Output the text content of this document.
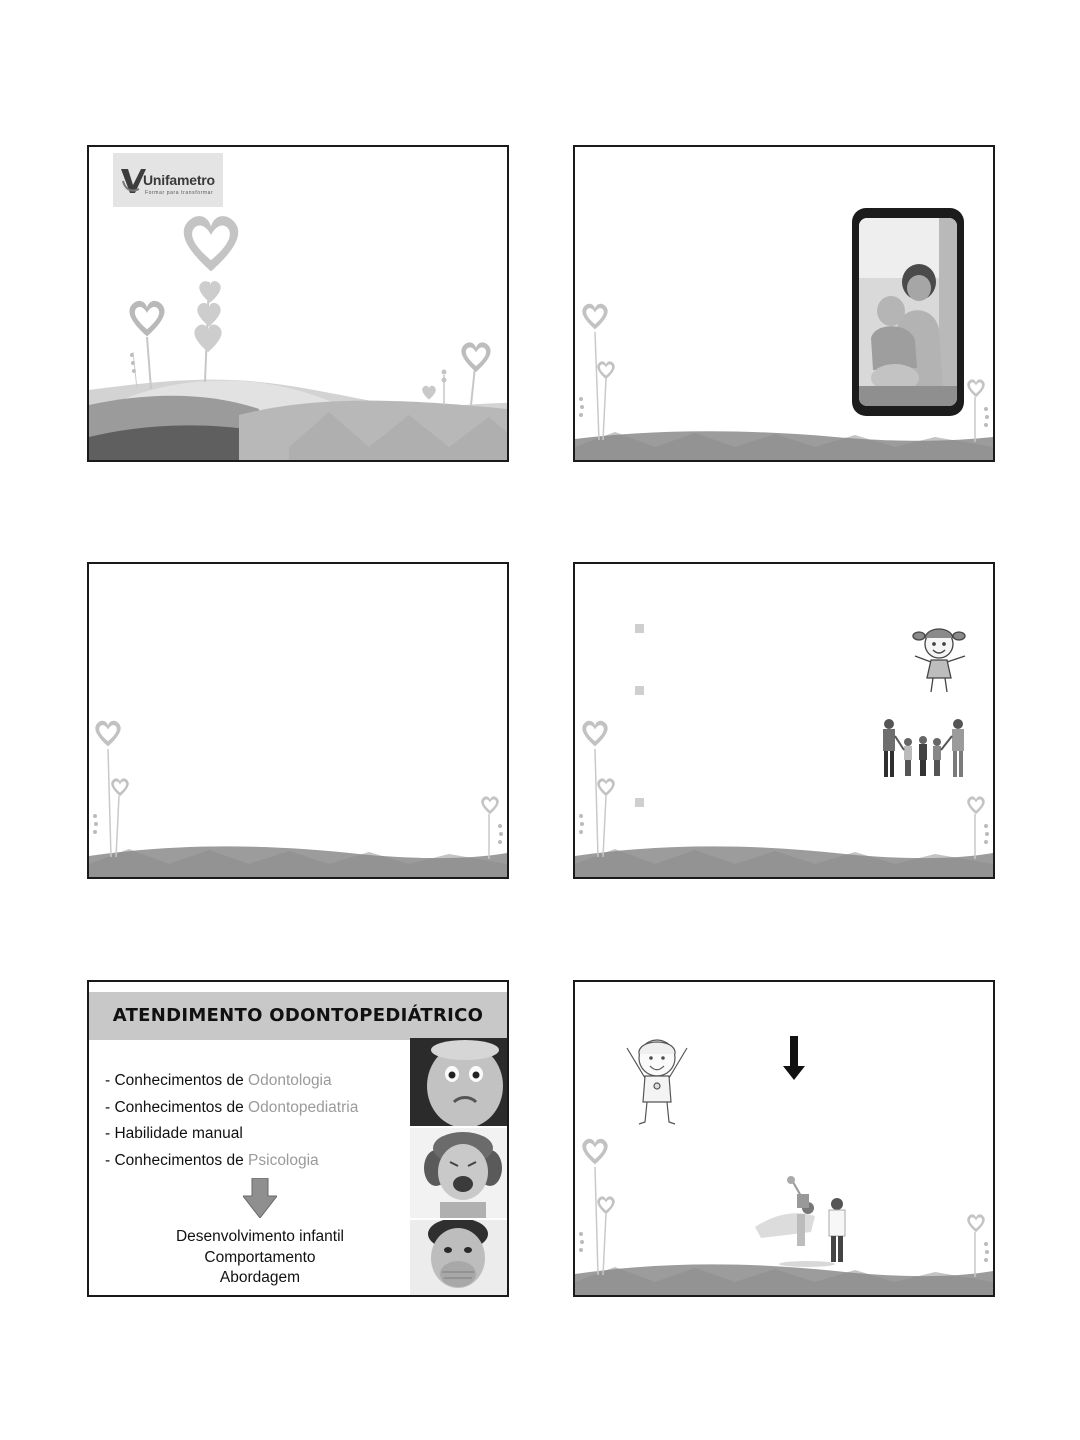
Unifametro
Formar para transformar
ATENDIMENTO ODONTOPEDIÁTRICO
- Conhecimentos de Odontologia
- Conhecimentos de Odontopediatria
- Habilidade manual
- Conhecimentos de Psicologia
Desenvolvimento infantil
Comportamento
Abordagem
